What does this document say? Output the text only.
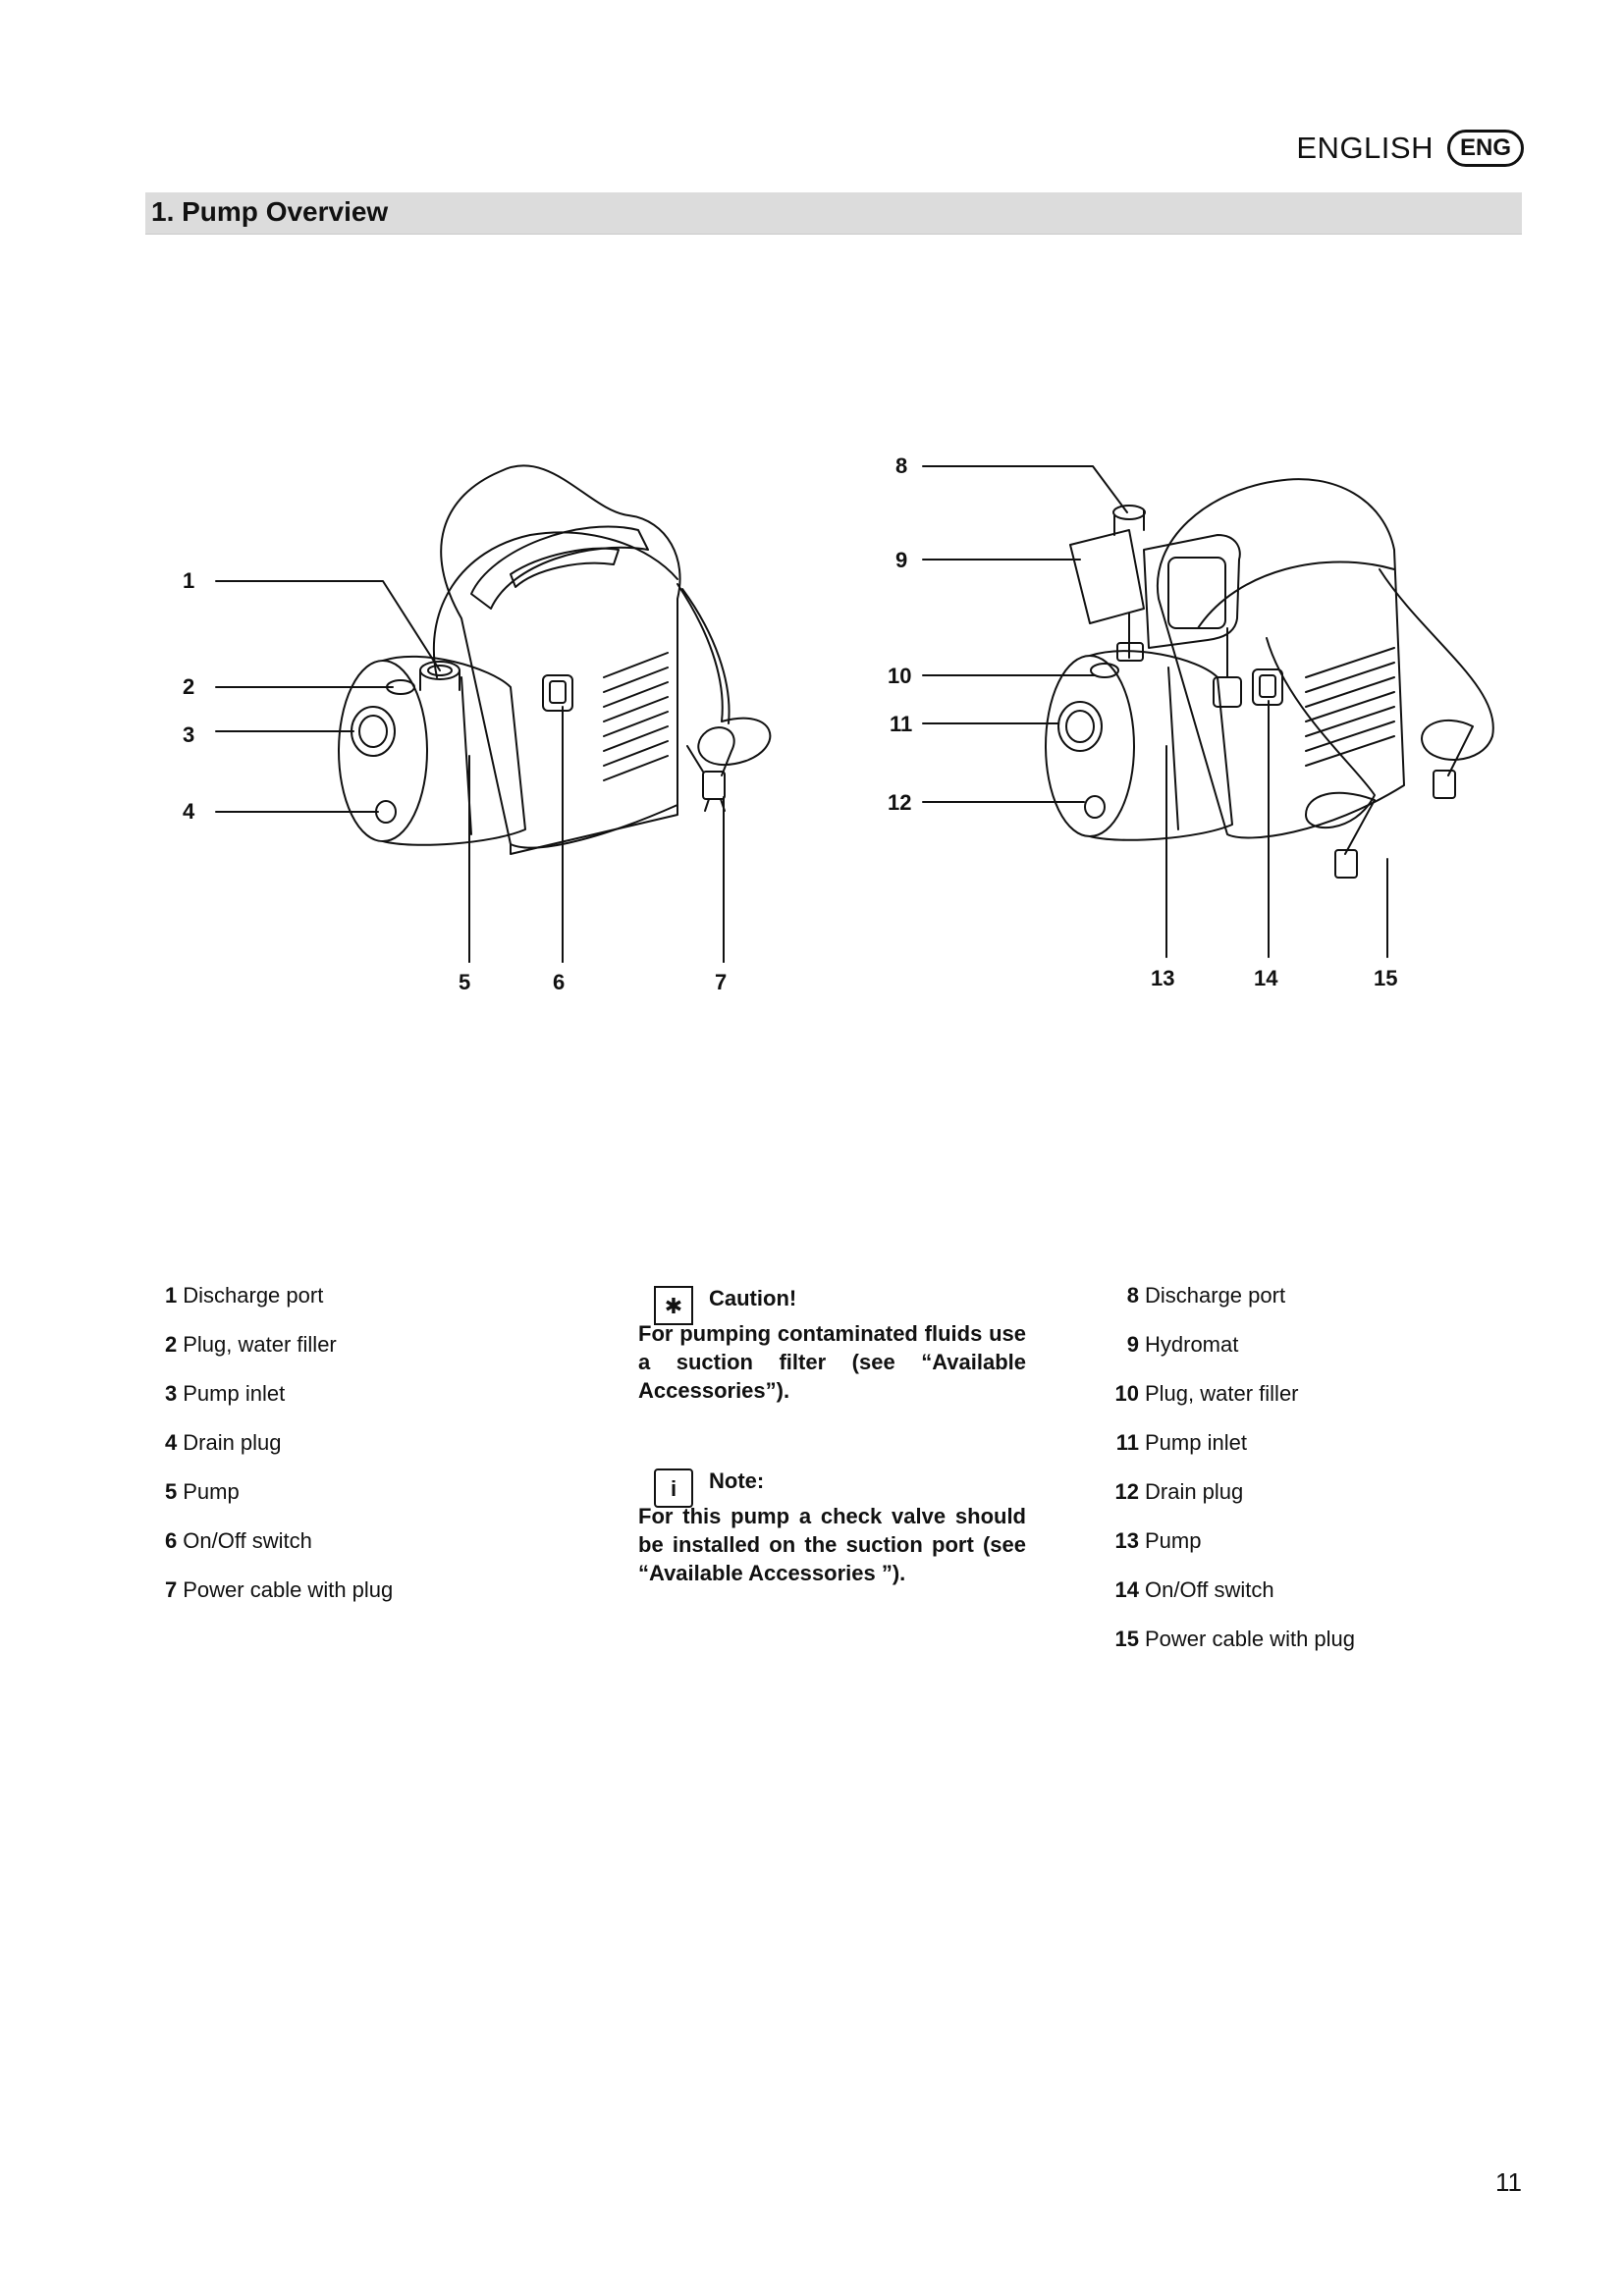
ENGLISH	ENG
1. Pump Overview
1
2
3
4
5	6	7
8
9
10
11
12
13	14	15
1 Discharge port
2 Plug, water filler
3 Pump inlet
4 Drain plug
5 Pump
6 On/Off switch
7 Power cable with plug
✱	Caution!
For pumping contaminated fluids use a suction filter (see “Available Accessories”).
i	Note:
For this pump a check valve should be installed on the suction port (see “Available Accessories ”).
8 Discharge port
9 Hydromat
10 Plug, water filler
11 Pump inlet
12 Drain plug
13 Pump
14 On/Off switch
15 Power cable with plug
11
